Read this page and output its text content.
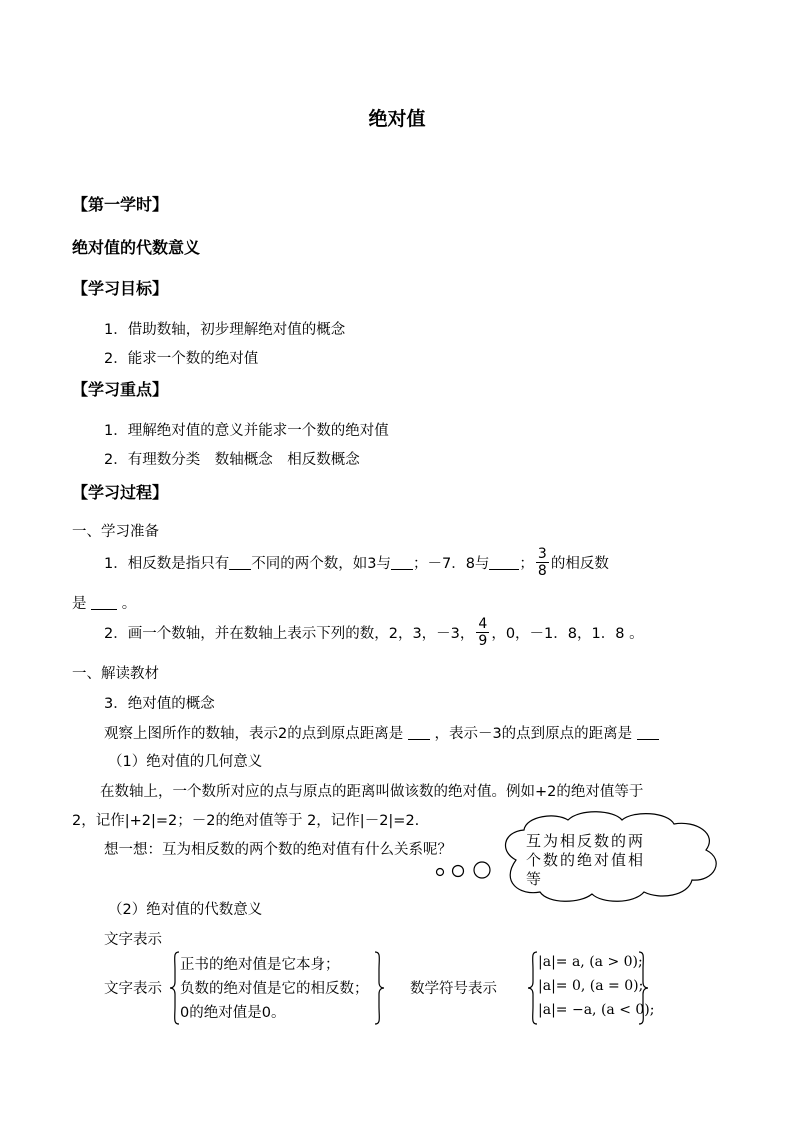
绝对值
【第一学时】
绝对值的代数意义
【学习目标】
1．借助数轴，初步理解绝对值的概念
2．能求一个数的绝对值
【学习重点】
1．理解绝对值的意义并能求一个数的绝对值
2．有理数分类　数轴概念　相反数概念
【学习过程】
一、学习准备
1．相反数是指只有 不同的两个数，如3与 ；－7．8与 ； $\frac{3}{8}$ 的相反数
是 。
2．画一个数轴，并在数轴上表示下列的数，2，3，－3， $\frac{4}{9}$ ，0，－1．8，1．8 。
一、解读教材
3．绝对值的概念
观察上图所作的数轴，表示2的点到原点距离是 ，表示－3的点到原点的距离是
（1）绝对值的几何意义
在数轴上，一个数所对应的点与原点的距离叫做该数的绝对值。例如+2的绝对值等于
2，记作|+2|=2；－2的绝对值等于 2，记作|－2|=2.
想一想：互为相反数的两个数的绝对值有什么关系呢？	互为相反数的两
个数的绝对值相
等
（2）绝对值的代数意义
文字表示
文字表示
正书的绝对值是它本身；
负数的绝对值是它的相反数；
0的绝对值是0。
数学符号表示
|a|= a, (a > 0);
|a|= 0, (a = 0);
|a|= −a, (a < 0);
